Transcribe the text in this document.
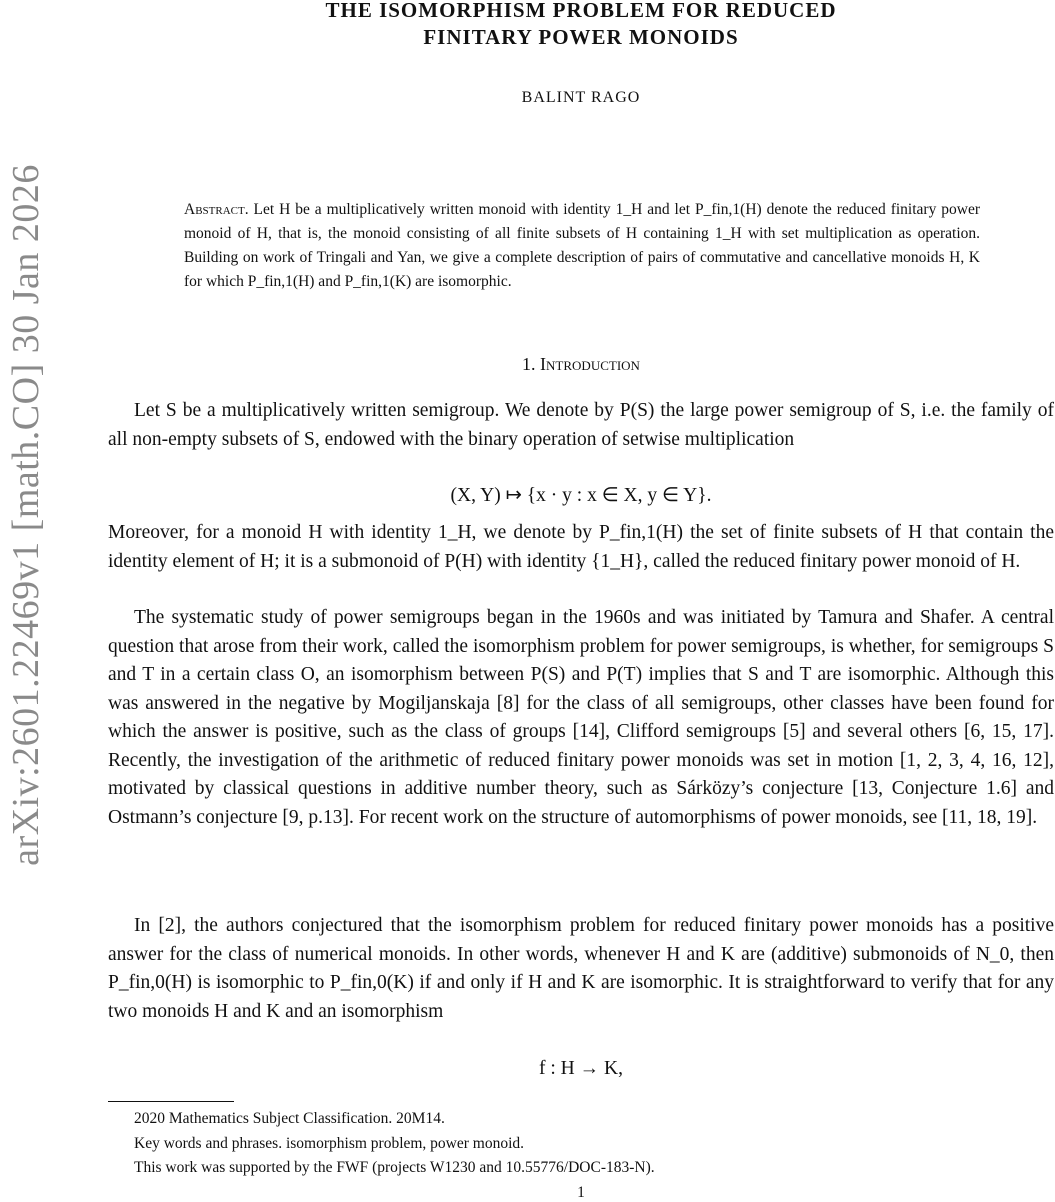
arXiv:2601.22469v1 [math.CO] 30 Jan 2026
THE ISOMORPHISM PROBLEM FOR REDUCED
FINITARY POWER MONOIDS
BALINT RAGO
Abstract. Let H be a multiplicatively written monoid with identity 1_H and let P_fin,1(H) denote the reduced finitary power monoid of H, that is, the monoid consisting of all finite subsets of H containing 1_H with set multiplication as operation. Building on work of Tringali and Yan, we give a complete description of pairs of commutative and cancellative monoids H, K for which P_fin,1(H) and P_fin,1(K) are isomorphic.
1. Introduction

Let S be a multiplicatively written semigroup. We denote by P(S) the large power semigroup of S, i.e. the family of all non-empty subsets of S, endowed with the binary operation of setwise multiplication

(X, Y) ↦ {x · y : x ∈ X, y ∈ Y}.

Moreover, for a monoid H with identity 1_H, we denote by P_fin,1(H) the set of finite subsets of H that contain the identity element of H; it is a submonoid of P(H) with identity {1_H}, called the reduced finitary power monoid of H.

The systematic study of power semigroups began in the 1960s and was initiated by Tamura and Shafer. A central question that arose from their work, called the isomorphism problem for power semigroups, is whether, for semigroups S and T in a certain class O, an isomorphism between P(S) and P(T) implies that S and T are isomorphic. Although this was answered in the negative by Mogiljanskaja [8] for the class of all semigroups, other classes have been found for which the answer is positive, such as the class of groups [14], Clifford semigroups [5] and several others [6, 15, 17]. Recently, the investigation of the arithmetic of reduced finitary power monoids was set in motion [1, 2, 3, 4, 16, 12], motivated by classical questions in additive number theory, such as Sárközy’s conjecture [13, Conjecture 1.6] and Ostmann’s conjecture [9, p.13]. For recent work on the structure of automorphisms of power monoids, see [11, 18, 19].

In [2], the authors conjectured that the isomorphism problem for reduced finitary power monoids has a positive answer for the class of numerical monoids. In other words, whenever H and K are (additive) submonoids of N_0, then P_fin,0(H) is isomorphic to P_fin,0(K) if and only if H and K are isomorphic. It is straightforward to verify that for any two monoids H and K and an isomorphism

f : H → K,
2020 Mathematics Subject Classification. 20M14.
Key words and phrases. isomorphism problem, power monoid.
This work was supported by the FWF (projects W1230 and 10.55776/DOC-183-N).
1
